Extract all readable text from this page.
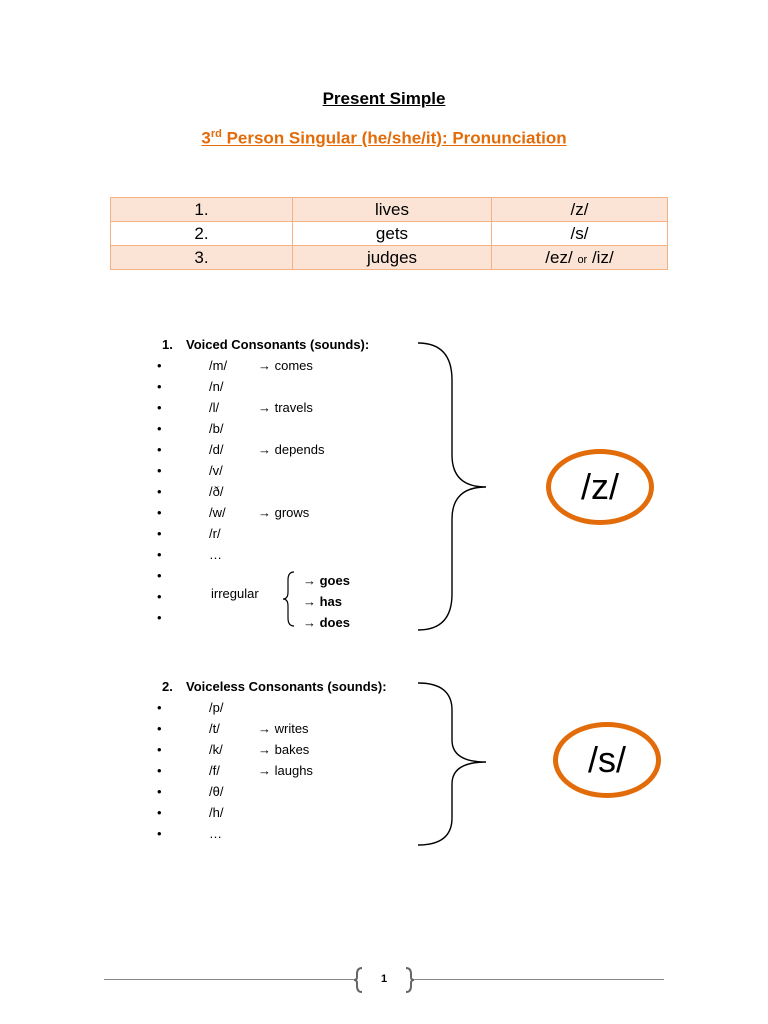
Present Simple
3rd Person Singular (he/she/it): Pronunciation
1.	lives	/z/
2.	gets	/s/
3.	judges	/ez/ or /iz/
1. Voiced Consonants (sounds):
•	/m/ → comes
•	/n/
•	/l/	→ travels
•	/b/
•	/d/	→ depends
•	/v/
•	/ð/
•	/w/ → grows
•	/r/
•	…
•
•
•
irregular
→ goes
→ has
→ does
/z/
2. Voiceless Consonants (sounds):
•	/p/
•	/t/	→ writes
•	/k/	→ bakes
•	/f/	→ laughs
•	/θ/
•	/h/
•	…
/s/
1
